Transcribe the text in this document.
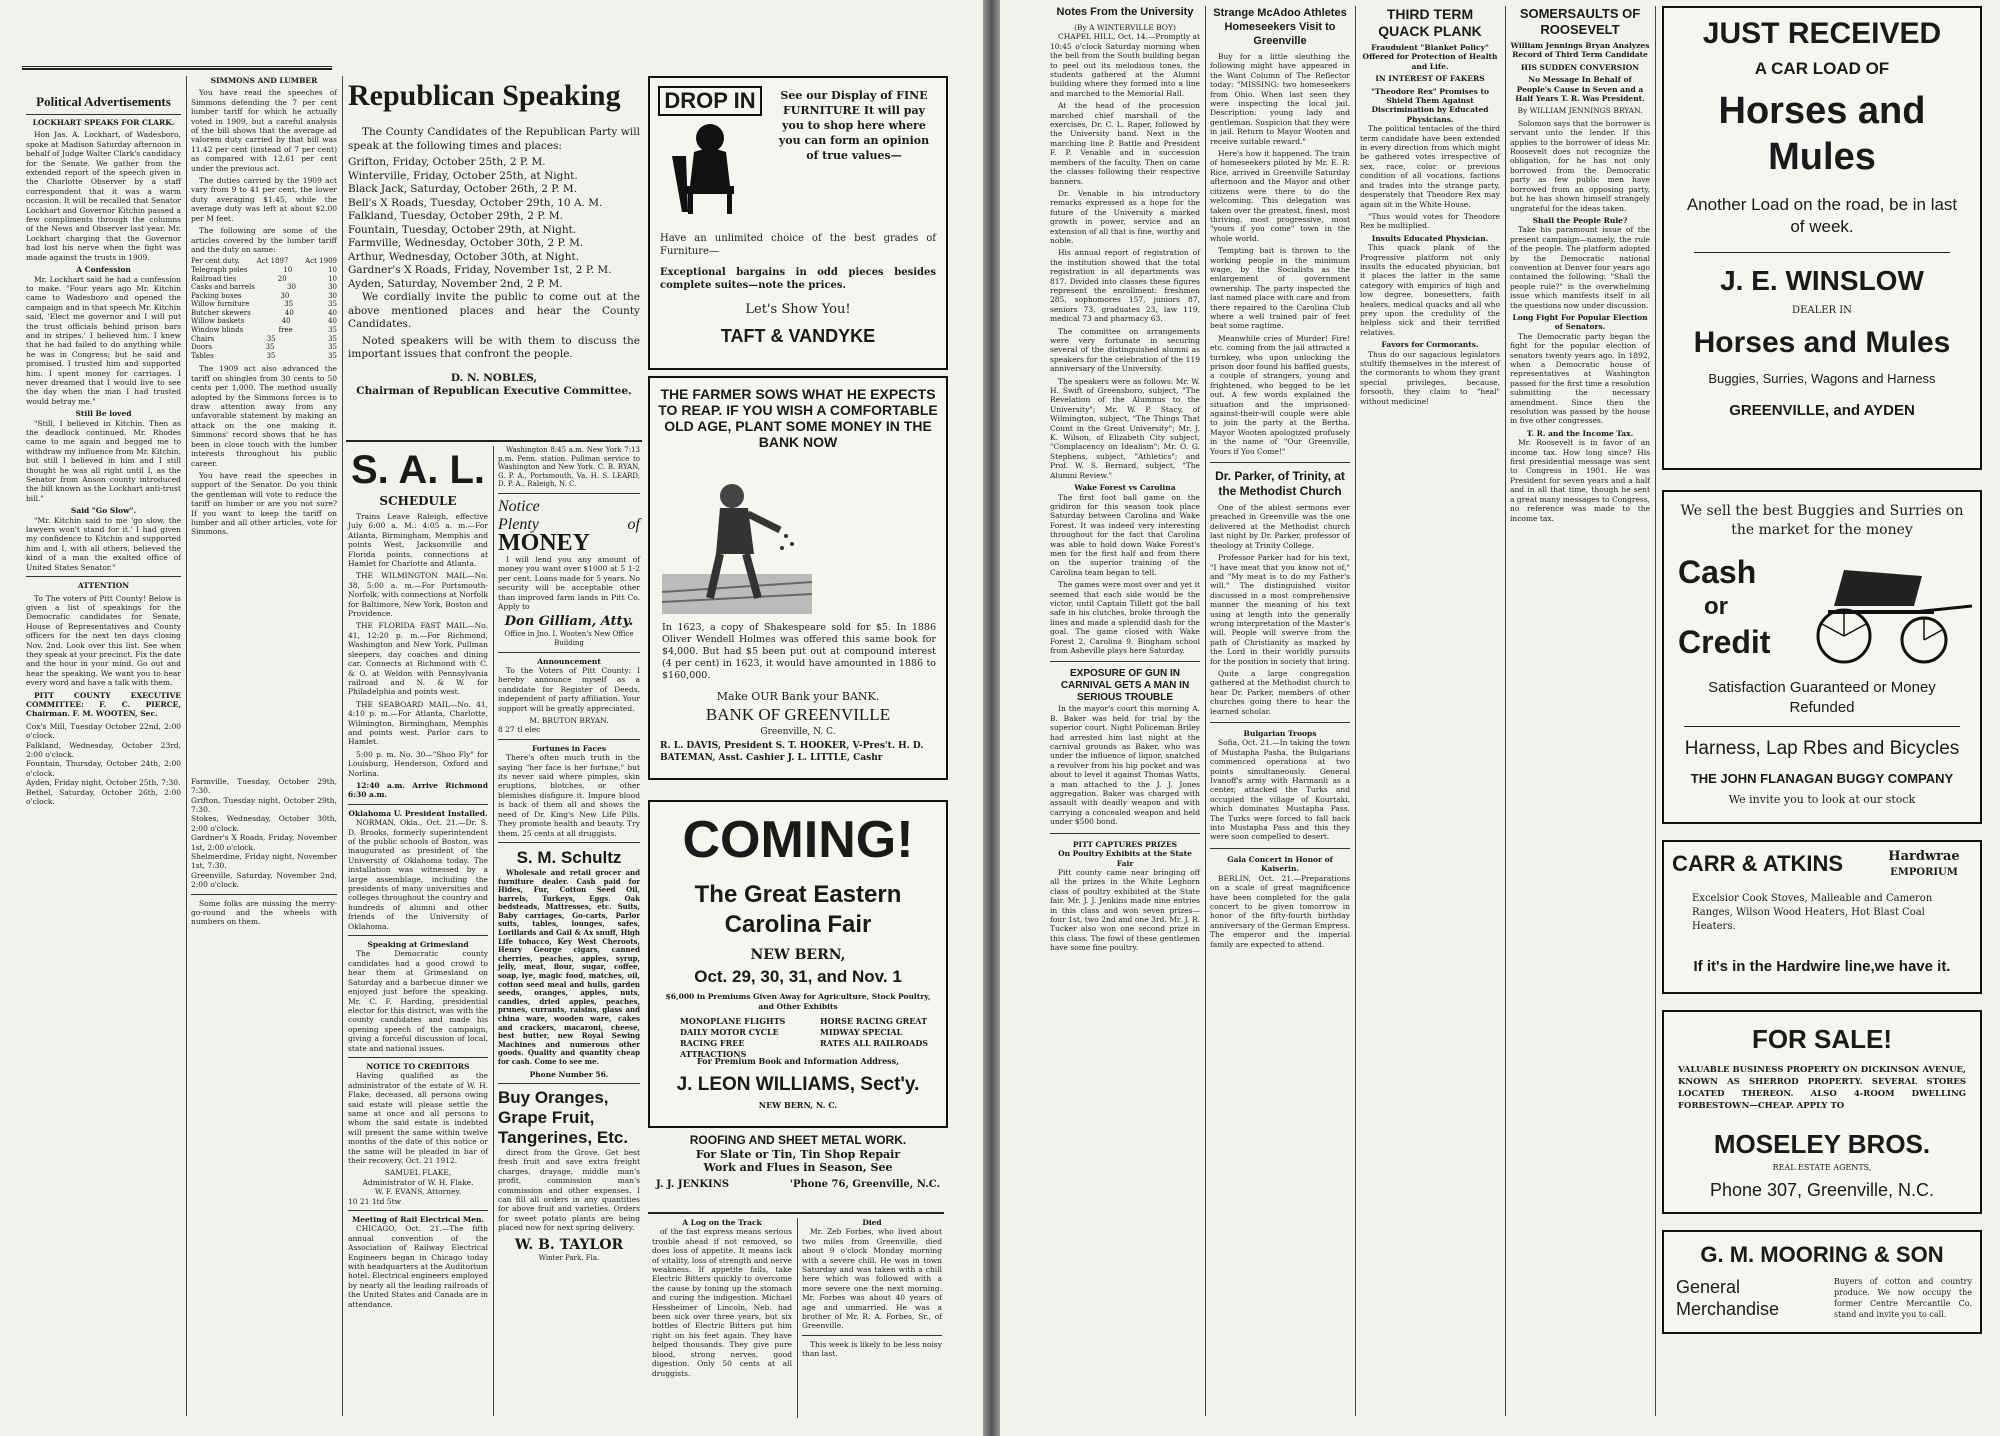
Political Advertisements
LOCKHART SPEAKS FOR CLARK.

Hon Jas. A. Lockhart, of Wadesboro, spoke at Madison Saturday afternoon in behalf of Judge Walter Clark's candidacy for the Senate. We gather from the extended report of the speech given in the Charlotte Observer by a staff correspondent that it was a warm occasion. It will be recalled that Senator Lockhart and Governor Kitchin passed a few compliments through the columns of the News and Observer last year. Mr. Lockhart charging that the Governor had lost his nerve when the fight was made against the trusts in 1909.

A Confession

Mr. Lockhart said he had a confession to make. "Four years ago Mr. Kitchin came to Wadesboro and opened the campaign and in that speech Mr. Kitchin said, 'Elect me governor and I will put the trust officials behind prison bars and in stripes.' I believed him. I knew that he had failed to do anything while he was in Congress; but he said and promised. I trusted him and supported him. I spent money for carriages. I never dreamed that I would live to see the day when the man I had trusted would betray me."

Still Be loved

"Still, I believed in Kitchin. Then as the deadlock continued, Mr. Rhodes came to me again and begged me to withdraw my influence from Mr. Kitchin, but still I believed in him and I still thought he was all right until I, as the Senator from Anson county introduced the bill known as the Lockhart anti-trust bill."

Said "Go Slow".

"Mr. Kitchin said to me 'go slow, the lawyers won't stand for it.' I had given my confidence to Kitchin and supported him and I, with all others, believed the kind of a man the exalted office of United States Senator."

ATTENTION

To The voters of Pitt County! Below is given a list of speakings for the Democratic candidates for Senate, House of Representatives and County officers for the next ten days closing Nov. 2nd. Look over this list. See when they speak at your precinct. Fix the date and the hour in your mind. Go out and hear the speaking. We want you to hear every word and have a talk with them.

PITT COUNTY EXECUTIVE COMMITTEE: F. C. PIERCE, Chairman. F. M. WOOTEN, Sec.

Cox's Mill, Tuesday October 22nd, 2:00 o'clock.
Falkland, Wednesday, October 23rd, 2:00 o'clock.
Fountain, Thursday, October 24th, 2:00 o'clock.
Ayden, Friday night, October 25th, 7:30.
Bethel, Saturday, October 26th, 2:00 o'clock.
SIMMONS AND LUMBER

You have read the speeches of Simmons defending the 7 per cent lumber tariff for which he actually voted in 1909, but a careful analysis of the bill shows that the average ad valorem duty carried by that bill was 11.42 per cent (instead of 7 per cent) as compared with 12.61 per cent under the previous act.

The duties carried by the 1909 act vary from 9 to 41 per cent, the lower duty averaging $1.45, while the average duty was left at about $2.00 per M feet.

The following are some of the articles covered by the lumber tariff and the duty on same:

Per cent duty. Act 1897 Act 1909
Telegraph poles	10	10
Railroad ties	20	10
Casks and barrels	30	30
Packing boxes	30	30
Willow furniture	35	35
Butcher skewers	40	40
Willow baskets	40	40
Window blinds	free	35
Chairs	35	35
Doors	35	35
Tables	35	35

The 1909 act also advanced the tariff on shingles from 30 cents to 50 cents per 1,000. The method usually adopted by the Simmons forces is to draw attention away from any unfavorable statement by making an attack on the one making it. Simmons' record shows that he has been in close touch with the lumber interests throughout his public career.

You have read the speeches in support of the Senator. Do you think the gentleman will vote to reduce the tariff on lumber or are you not sure? If you want to keep the tariff on lumber and all other articles, vote for Simmons.

Farmville, Tuesday, October 29th, 7:30.
Grifton, Tuesday night, October 29th, 7:30.
Stokes, Wednesday, October 30th, 2:00 o'clock.
Gardner's X Roads, Friday, November 1st, 2:00 o'clock.
Shelmerdine, Friday night, November 1st, 7:30.
Greenville, Saturday, November 2nd, 2:00 o'clock.

Some folks are missing the merry-go-round and the wheels with numbers on them.

Republican Speaking

The County Candidates of the Republican Party will speak at the following times and places:

Grifton, Friday, October 25th, 2 P. M.
Winterville, Friday, October 25th, at Night.
Black Jack, Saturday, October 26th, 2 P. M.
Bell's X Roads, Tuesday, October 29th, 10 A. M.
Falkland, Tuesday, October 29th, 2 P. M.
Fountain, Tuesday, October 29th, at Night.
Farmville, Wednesday, October 30th, 2 P. M.
Arthur, Wednesday, October 30th, at Night.
Gardner's X Roads, Friday, November 1st, 2 P. M.
Ayden, Saturday, November 2nd, 2 P. M.

We cordially invite the public to come out at the above mentioned places and hear the County Candidates.

Noted speakers will be with them to discuss the important issues that confront the people.

D. N. NOBLES,
Chairman of Republican Executive Committee.
S. A. L.
SCHEDULE

Trains Leave Raleigh, effective July 6:00 a. M.: 4:05 a. m.—For Atlanta, Birmingham, Memphis and points West, Jacksonville and Florida points, connections at Hamlet for Charlotte and Atlanta.

THE WILMINGTON MAIL—No. 38, 5:00 a. m.—For Portsmouth-Norfolk, with connections at Norfolk for Baltimore, New York, Boston and Providence.

THE FLORIDA FAST MAIL—No. 41, 12:20 p. m.—For Richmond, Washington and New York, Pullman sleepers, day coaches and dining car. Connects at Richmond with C. & O. at Weldon with Pennsylvania railroad and N. & W. for Philadelphia and points west.

THE SEABOARD MAIL—No. 41, 4:10 p. m.—For Atlanta, Charlotte, Wilmington, Birmingham, Memphis and points west. Parlor cars to Hamlet.

5:00 p. m. No. 30—"Shoo Fly" for Louisburg, Henderson, Oxford and Norlina.

12:40 a.m. Arrive Richmond 6:30 a.m.

Oklahoma U. President Installed.

NORMAN, Okla., Oct. 21.—Dr. S. D. Brooks, formerly superintendent of the public schools of Boston, was inaugurated as president of the University of Oklahoma today. The installation was witnessed by a large assemblage, including the presidents of many universities and colleges throughout the country and hundreds of alumni and other friends of the University of Oklahoma.

Speaking at Grimesland

The Democratic county candidates had a good crowd to hear them at Grimesland on Saturday and a barbecue dinner we enjoyed just before the speaking. Mr. C. F. Harding, presidential elector for this district, was with the county candidates and made his opening speech of the campaign, giving a forceful discussion of local, state and national issues.

NOTICE TO CREDITORS

Having qualified as the administrator of the estate of W. H. Flake, deceased, all persons owing said estate will please settle the same at once and all persons to whom the said estate is indebted will present the same within twelve months of the date of this notice or the same will be pleaded in bar of their recovery. Oct. 21 1912.

SAMUEL FLAKE,
Administrator of W. H. Flake.
W. F. EVANS, Attorney.
10 21 1td 5tw
Meeting of Rail Electrical Men.

CHICAGO, Oct. 21.—The fifth annual convention of the Association of Railway Electrical Engineers began in Chicago today with headquarters at the Auditorium hotel. Electrical engineers employed by nearly all the leading railroads of the United States and Canada are in attendance.

Washington 8:45 a.m. New York 7:13 p.m. Penn. station. Pullman service to Washington and New York. C. B. RYAN, G. P. A., Portsmouth, Va. H. S. LEARD, D. P. A., Raleigh, N. C.

Notice
Plenty of MONEY

I will lend you any amount of money you want over $1000 at 5 1-2 per cent. Loans made for 5 years. No security will be acceptable other than improved farm lands in Pitt Co. Apply to

Don Gilliam, Atty.
Office in Jno. I. Wooten's New Office Building
Announcement

To the Voters of Pitt County: I hereby announce myself as a candidate for Register of Deeds, independent of party affiliation. Your support will be greatly appreciated.

M. BRUTON BRYAN.
8 27 tl elec
Fortunes in Faces

There's often much truth in the saying "her face is her fortune," but its never said where pimples, skin eruptions, blotches, or other blemishes disfigure it. Impure blood is back of them all and shows the need of Dr. King's New Life Pills. They promote health and beauty. Try them. 25 cents at all druggists.

S. M. Schultz

Wholesale and retail grocer and furniture dealer. Cash paid for Hides, Fur, Cotton Seed Oil, barrels, Turkeys, Eggs. Oak bedsteads, Mattresses, etc. Suits, Baby carriages, Go-carts, Parlor suits, tables, lounges, safes, Lorillards and Gail & Ax snuff, High Life tobacco, Key West Cheroots, Henry George cigars, canned cherries, peaches, apples, syrup, jelly, meat, flour, sugar, coffee, soap, lye, magic food, matches, oil, cotton seed meal and hulls, garden seeds, oranges, apples, nuts, candies, dried apples, peaches, prunes, currants, raisins, glass and china ware, wooden ware, cakes and crackers, macaroni, cheese, best butter, new Royal Sewing Machines and numerous other goods. Quality and quantity cheap for cash. Come to see me.

Phone Number 56.
Buy Oranges, Grape Fruit, Tangerines, Etc.

direct from the Grove. Get best fresh fruit and save extra freight charges, drayage, middle man's profit, commission man's commission and other expenses. I can fill all orders in any quantities for above fruit and varieties. Orders for sweet potato plants are being placed now for next spring delivery.

W. B. TAYLOR
Winter Park, Fla.
DROP IN	See our Display of FINE FURNITURE It will pay you to shop here where you can form an opinion of true values—
Have an unlimited choice of the best grades of Furniture—
Exceptional bargains in odd pieces besides complete suites—note the prices.
Let's Show You!
TAFT & VANDYKE
THE FARMER SOWS WHAT HE EXPECTS TO REAP. IF YOU WISH A COMFORTABLE OLD AGE, PLANT SOME MONEY IN THE BANK NOW
In 1623, a copy of Shakespeare sold for $5. In 1886 Oliver Wendell Holmes was offered this same book for $4,000. But had $5 been put out at compound interest (4 per cent) in 1623, it would have amounted in 1886 to $160,000.
Make OUR Bank your BANK.
BANK OF GREENVILLE
Greenville, N. C.
R. L. DAVIS, President S. T. HOOKER, V-Pres't. H. D. BATEMAN, Asst. Cashier J. L. LITTLE, Cashr
COMING!
The Great Eastern Carolina Fair
NEW BERN,
Oct. 29, 30, 31, and Nov. 1
$6,000 in Premiums Given Away for Agriculture, Stock Poultry, and Other Exhibits
MONOPLANE FLIGHTS DAILY MOTOR CYCLE RACING FREE ATTRACTIONS
HORSE RACING GREAT MIDWAY SPECIAL RATES ALL RAILROADS
For Premium Book and Information Address,
J. LEON WILLIAMS, Sect'y.
NEW BERN, N. C.
ROOFING AND SHEET METAL WORK.
For Slate or Tin, Tin Shop Repair
Work and Flues in Season, See
J. J. JENKINS	'Phone 76, Greenville, N.C.
A Log on the Track

of the fast express means serious trouble ahead if not removed, so does loss of appetite. It means lack of vitality, loss of strength and nerve weakness. If appetite fails, take Electric Bitters quickly to overcome the cause by toning up the stomach and curing the indigestion. Michael Hessheimer of Lincoln, Neb. had been sick over three years, but six bottles of Electric Bitters put him right on his feet again. They have helped thousands. They give pure blood, strong nerves, good digestion. Only 50 cents at all druggists.

Died

Mr. Zeb Forbes, who lived about two miles from Greenville, died about 9 o'clock Monday morning with a severe chill. He was in town Saturday and was taken with a chill here which was followed with a more severe one the next morning. Mr. Forbes was about 40 years of age and unmarried. He was a brother of Mr. R. A. Forbes, Sr., of Greenville.

This week is likely to be less noisy than last.

Notes From the University
(By A WINTERVILLE BOY)

CHAPEL HILL, Oct. 14.—Promptly at 10:45 o'clock Saturday morning when the bell from the South building began to peel out its melodious tones, the students gathered at the Alumni building where they formed into a line and marched to the Memorial Hall.

At the head of the procession marched chief marshall of the exercises, Dr. C. L. Raper, followed by the University band. Next in the marching line P. Battle and President F. P. Venable and in succession members of the faculty. Then on came the classes following their respective banners.

Dr. Venable in his introductory remarks expressed as a hope for the future of the University a marked growth in power, service and an extension of all that is fine, worthy and noble.

His annual report of registration of the institution showed that the total registration in all departments was 817. Divided into classes these figures represent the enrollment: freshmen 285, sophomores 157, juniors 87, seniors 73, graduates 23, law 119, medical 73 and pharmacy 63.

The committee on arrangements were very fortunate in securing several of the distinguished alumni as speakers for the celebration of the 119 anniversary of the University.

The speakers were as follows: Mr. W. H. Swift of Greensboro, subject, "The Revelation of the Alumnus to the University"; Mr. W. P. Stacy, of Wilmington, subject, "The Things That Count in the Great University"; Mr. J. K. Wilson, of Elizabeth City subject, "Complacency on Idealism"; Mr. O. G. Stephens, subject, "Athletics"; and Prof. W. S. Bernard, subject, "The Alumni Review."

Wake Forest vs Carolina

The first foot ball game on the gridiron for this season took place Saturday between Carolina and Wake Forest. It was indeed very interesting throughout for the fact that Carolina was able to hold down Wake Forest's men for the first half and from there on the superior training of the Carolina team began to tell.

The games were most over and yet it seemed that each side would be the victor, until Captain Tillett got the ball safe in his clutches, broke through the lines and made a splendid dash for the goal. The game closed with Wake Forest 2, Carolina 9. Bingham school from Asheville plays here Saturday.

EXPOSURE OF GUN IN CARNIVAL GETS A MAN IN SERIOUS TROUBLE

In the mayor's court this morning A. B. Baker was held for trial by the superior court. Night Policeman Briley had arrested him last night at the carnival grounds as Baker, who was under the influence of liquor, snatched a revolver from his hip pocket and was about to level it against Thomas Watts, a man attached to the J. J. Jones aggregation. Baker was charged with assault with deadly weapon and with carrying a concealed weapon and held under $500 bond.

PITT CAPTURES PRIZES
On Poultry Exhibits at the State Fair

Pitt county came near bringing off all the prizes in the White Leghorn class of poultry exhibited at the State fair. Mr. J. J. Jenkins made nine entries in this class and won seven prizes—four 1st, two 2nd and one 3rd. Mr. J. R. Tucker also won one second prize in this class. The fowl of these gentlemen have some fine poultry.

Strange McAdoo Athletes Homeseekers Visit to Greenville

Buy for a little sleuthing the following might have appeared in the Want Column of The Reflector today: "MISSING: two homeseekers from Ohio. When last seen they were inspecting the local jail. Description: young lady and gentleman. Suspicion that they were in jail. Return to Mayor Wooten and receive suitable reward."

Here's how it happened. The train of homeseekers piloted by Mr. E. R. Rice, arrived in Greenville Saturday afternoon and the Mayor and other citizens were there to do the welcoming. This delegation was taken over the greatest, finest, most thriving, most progressive, most "yours if you come" town in the whole world.

Tempting bait is thrown to the working people in the minimum wage, by the Socialists as the enlargement of government ownership. The party inspected the last named place with care and from there repaired to the Carolina Club where a well trained pair of feet beat some ragtime.

Meanwhile cries of Murder! Fire! etc. coming from the jail attracted a turnkey, who upon unlocking the prison door found his baffled guests, a couple of strangers, young and frightened, who begged to be let out. A few words explained the situation and the imprisoned-against-their-will couple were able to join the party at the Bertha. Mayor Wooten apologized profusely in the name of "Our Greenville, Yours if You Come!"

Dr. Parker, of Trinity, at the Methodist Church

One of the ablest sermons ever preached in Greenville was the one delivered at the Methodist church last night by Dr. Parker, professor of theology at Trinity College.

Professor Parker had for his text, "I have meat that you know not of," and "My meat is to do my Father's will." The distinguished visitor discussed in a most comprehensive manner the meaning of his text using at length into the generally wrong interpretation of the Master's will. People will swerve from the path of Christianity as marked by the Lord in their worldly pursuits for the position in society that bring.

Quite a large congregation gathered at the Methodist church to hear Dr. Parker, members of other churches going there to hear the learned scholar.

Bulgarian Troops

Sofia, Oct. 21.—In taking the town of Mustapha Pasha, the Bulgarians commenced operations at two points simultaneously. General Ivanoff's army with Harmanli as a center, attacked the Turks and occupied the village of Kourtaki, which dominates Mustapha Pass. The Turks were forced to fall back into Mustapha Pass and this they were soon compelled to desert.

Gala Concert in Honor of Kaiserin.

BERLIN, Oct. 21.—Preparations on a scale of great magnificence have been completed for the gala concert to be given tomorrow in honor of the fifty-fourth birthday anniversary of the German Empress. The emperor and the imperial family are expected to attend.

THIRD TERM QUACK PLANK
Fraudulent "Blanket Policy" Offered for Protection of Health and Life.
IN INTEREST OF FAKERS
"Theodore Rex" Promises to Shield Them Against Discrimination by Educated Physicians.

The political tentacles of the third term candidate have been extended in every direction from which might be gathered votes irrespective of sex, race, color or previous condition of all vocations, factions and trades into the strange party, desperately that Theodore Rex may again sit in the White House.

"Thus would votes for Theodore Rex be multiplied.

Insults Educated Physician.

This quack plank of the Progressive platform not only insults the educated physician, but it places the latter in the same category with empirics of high and low degree, bonesetters, faith healers, medical quacks and all who prey upon the credulity of the helpless sick and their terrified relatives.

Favors for Cormorants.

Thus do our sagacious legislators stultify themselves in the interest of the cormorants to whom they grant special privileges, because, forsooth, they claim to "heal" without medicine!

SOMERSAULTS OF ROOSEVELT
William Jennings Bryan Analyzes Record of Third Term Candidate
HIS SUDDEN CONVERSION
No Message In Behalf of People's Cause in Seven and a Half Years T. R. Was President.
By WILLIAM JENNINGS BRYAN.

Solomon says that the borrower is servant unto the lender. If this applies to the borrower of ideas Mr. Roosevelt does not recognize the obligation, for he has not only borrowed from the Democratic party as few public men have borrowed from an opposing party, but he has shown himself strangely ungrateful for the ideas taken.

Shall the People Rule?

Take his paramount issue of the present campaign—namely, the rule of the people. The platform adopted by the Democratic national convention at Denver four years ago contained the following: "Shall the people rule?" is the overwhelming issue which manifests itself in all the questions now under discussion.

Long Fight For Popular Election of Senators.

The Democratic party began the fight for the popular election of senators twenty years ago. In 1892, when a Democratic house of representatives at Washington passed for the first time a resolution submitting the necessary amendment. Since then the resolution was passed by the house in five other congresses.

T. R. and the Income Tax.

Mr. Roosevelt is in favor of an income tax. How long since? His first presidential message was sent to Congress in 1901. He was President for seven years and a half and in all that time, though he sent a great many messages to Congress, no reference was made to the income tax.

JUST RECEIVED
A CAR LOAD OF
Horses and Mules
Another Load on the road, be in last of week.
J. E. WINSLOW
DEALER IN
Horses and Mules
Buggies, Surries, Wagons and Harness
GREENVILLE, and AYDEN
We sell the best Buggies and Surries on the market for the money
Cash
or
Credit
Satisfaction Guaranteed or Money Refunded
Harness, Lap Rbes and Bicycles
THE JOHN FLANAGAN BUGGY COMPANY
We invite you to look at our stock
CARR & ATKINS	Hardwrae
EMPORIUM
Excelsior Cook Stoves, Malleable and Cameron Ranges, Wilson Wood Heaters, Hot Blast Coal Heaters.
If it's in the Hardwire line,we have it.
FOR SALE!
VALUABLE BUSINESS PROPERTY ON DICKINSON AVENUE, KNOWN AS SHERROD PROPERTY. SEVERAL STORES LOCATED THEREON. ALSO 4-ROOM DWELLING FORBESTOWN—CHEAP. APPLY TO
MOSELEY BROS.
REAL ESTATE AGENTS,
Phone 307, Greenville, N.C.
G. M. MOORING & SON
General
Merchandise
Buyers of cotton and country produce. We now occupy the former Centre Mercantile Co. stand and invite you to call.
